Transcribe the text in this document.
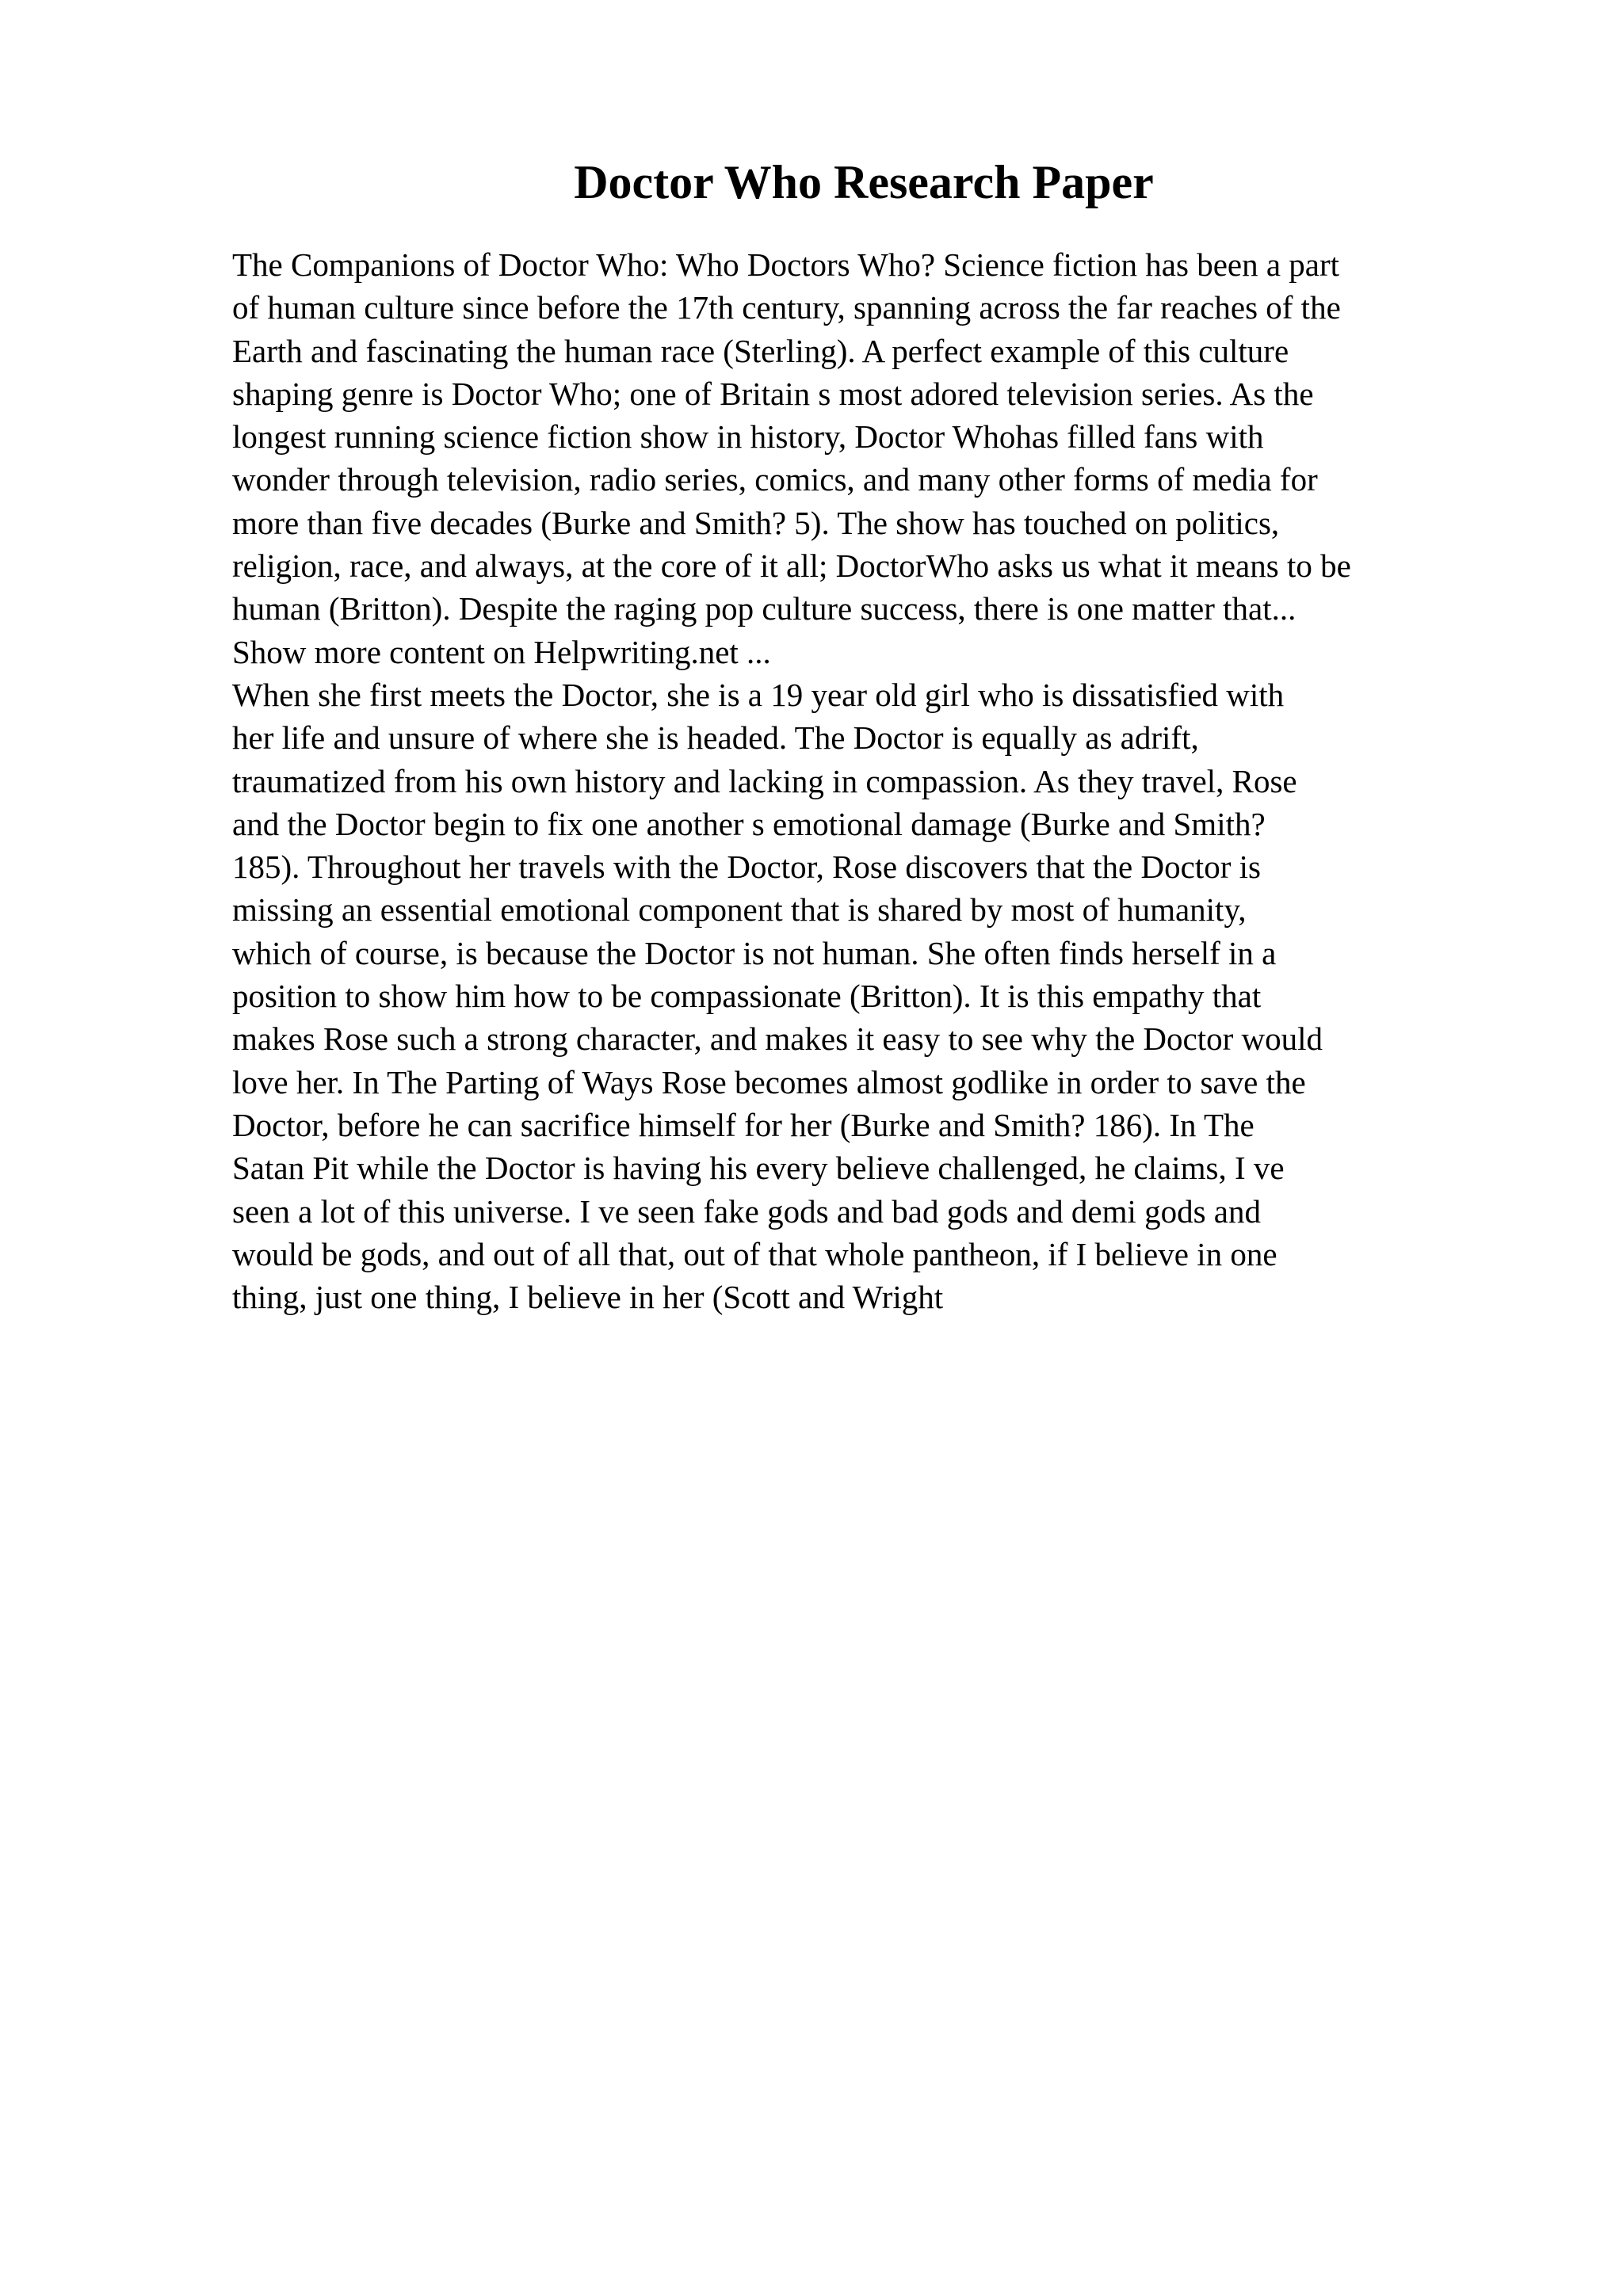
Doctor Who Research Paper
The Companions of Doctor Who: Who Doctors Who? Science fiction has been a part
of human culture since before the 17th century, spanning across the far reaches of the
Earth and fascinating the human race (Sterling). A perfect example of this culture
shaping genre is Doctor Who; one of Britain s most adored television series. As the
longest running science fiction show in history, Doctor Whohas filled fans with
wonder through television, radio series, comics, and many other forms of media for
more than five decades (Burke and Smith? 5). The show has touched on politics,
religion, race, and always, at the core of it all; DoctorWho asks us what it means to be
human (Britton). Despite the raging pop culture success, there is one matter that...
Show more content on Helpwriting.net ...
When she first meets the Doctor, she is a 19 year old girl who is dissatisfied with
her life and unsure of where she is headed. The Doctor is equally as adrift,
traumatized from his own history and lacking in compassion. As they travel, Rose
and the Doctor begin to fix one another s emotional damage (Burke and Smith?
185). Throughout her travels with the Doctor, Rose discovers that the Doctor is
missing an essential emotional component that is shared by most of humanity,
which of course, is because the Doctor is not human. She often finds herself in a
position to show him how to be compassionate (Britton). It is this empathy that
makes Rose such a strong character, and makes it easy to see why the Doctor would
love her. In The Parting of Ways Rose becomes almost godlike in order to save the
Doctor, before he can sacrifice himself for her (Burke and Smith? 186). In The
Satan Pit while the Doctor is having his every believe challenged, he claims, I ve
seen a lot of this universe. I ve seen fake gods and bad gods and demi gods and
would be gods, and out of all that, out of that whole pantheon, if I believe in one
thing, just one thing, I believe in her (Scott and Wright
